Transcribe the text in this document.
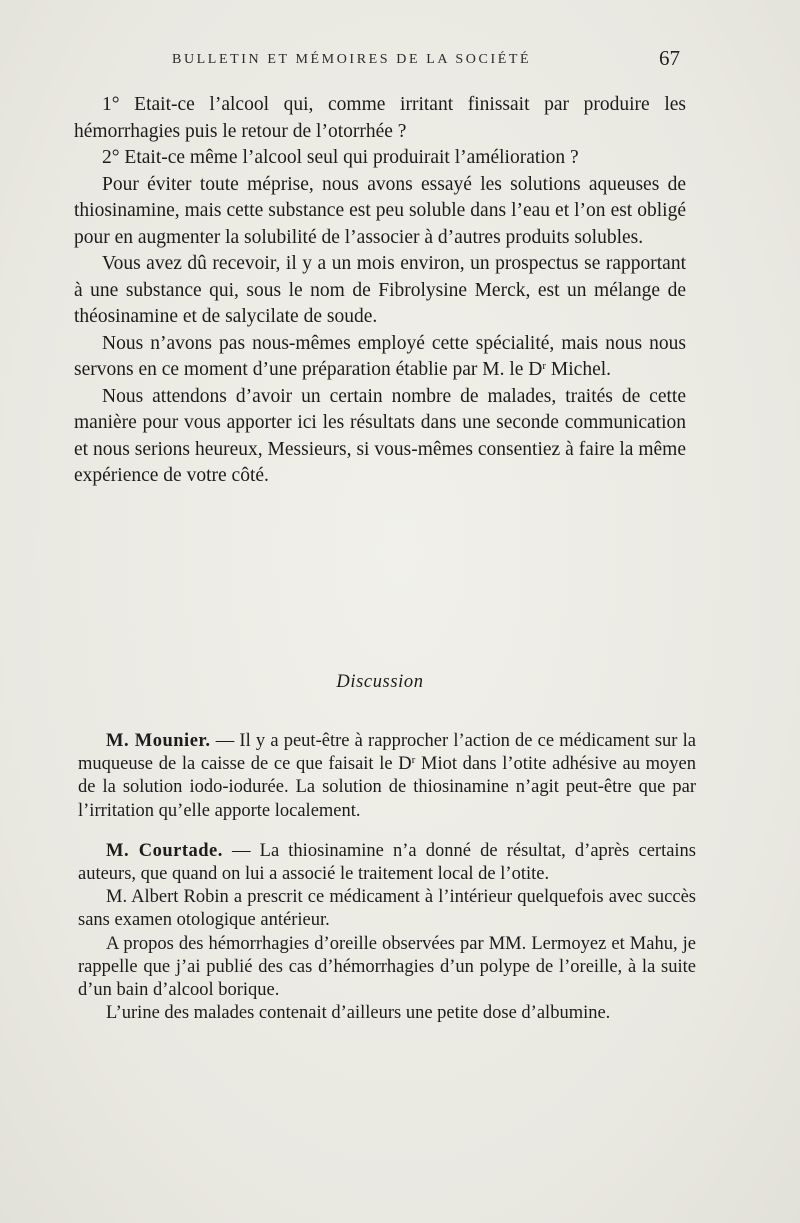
BULLETIN ET MÉMOIRES DE LA SOCIÉTÉ	67

1° Etait-ce l’alcool qui, comme irritant finissait par produire les hémorrhagies puis le retour de l’otorrhée ?

2° Etait-ce même l’alcool seul qui produirait l’amélioration ?

Pour éviter toute méprise, nous avons essayé les solutions aqueuses de thiosinamine, mais cette substance est peu soluble dans l’eau et l’on est obligé pour en augmenter la solubilité de l’associer à d’autres produits solubles.

Vous avez dû recevoir, il y a un mois environ, un prospectus se rapportant à une substance qui, sous le nom de Fibrolysine Merck, est un mélange de théosinamine et de salycilate de soude.

Nous n’avons pas nous-mêmes employé cette spécialité, mais nous nous servons en ce moment d’une préparation établie par M. le $D^r$ Michel.

Nous attendons d’avoir un certain nombre de malades, traités de cette manière pour vous apporter ici les résultats dans une seconde communication et nous serions heureux, Messieurs, si vous-mêmes consentiez à faire la même expérience de votre côté.

Discussion

M. Mounier. — Il y a peut-être à rapprocher l’action de ce médicament sur la muqueuse de la caisse de ce que faisait le $D^r$ Miot dans l’otite adhésive au moyen de la solution iodo-iodurée. La solution de thiosinamine n’agit peut-être que par l’irritation qu’elle apporte localement.

M. Courtade. — La thiosinamine n’a donné de résultat, d’après certains auteurs, que quand on lui a associé le traitement local de l’otite.

M. Albert Robin a prescrit ce médicament à l’intérieur quelquefois avec succès sans examen otologique antérieur.

A propos des hémorrhagies d’oreille observées par MM. Lermoyez et Mahu, je rappelle que j’ai publié des cas d’hémorrhagies d’un polype de l’oreille, à la suite d’un bain d’alcool borique.

L’urine des malades contenait d’ailleurs une petite dose d’albumine.
